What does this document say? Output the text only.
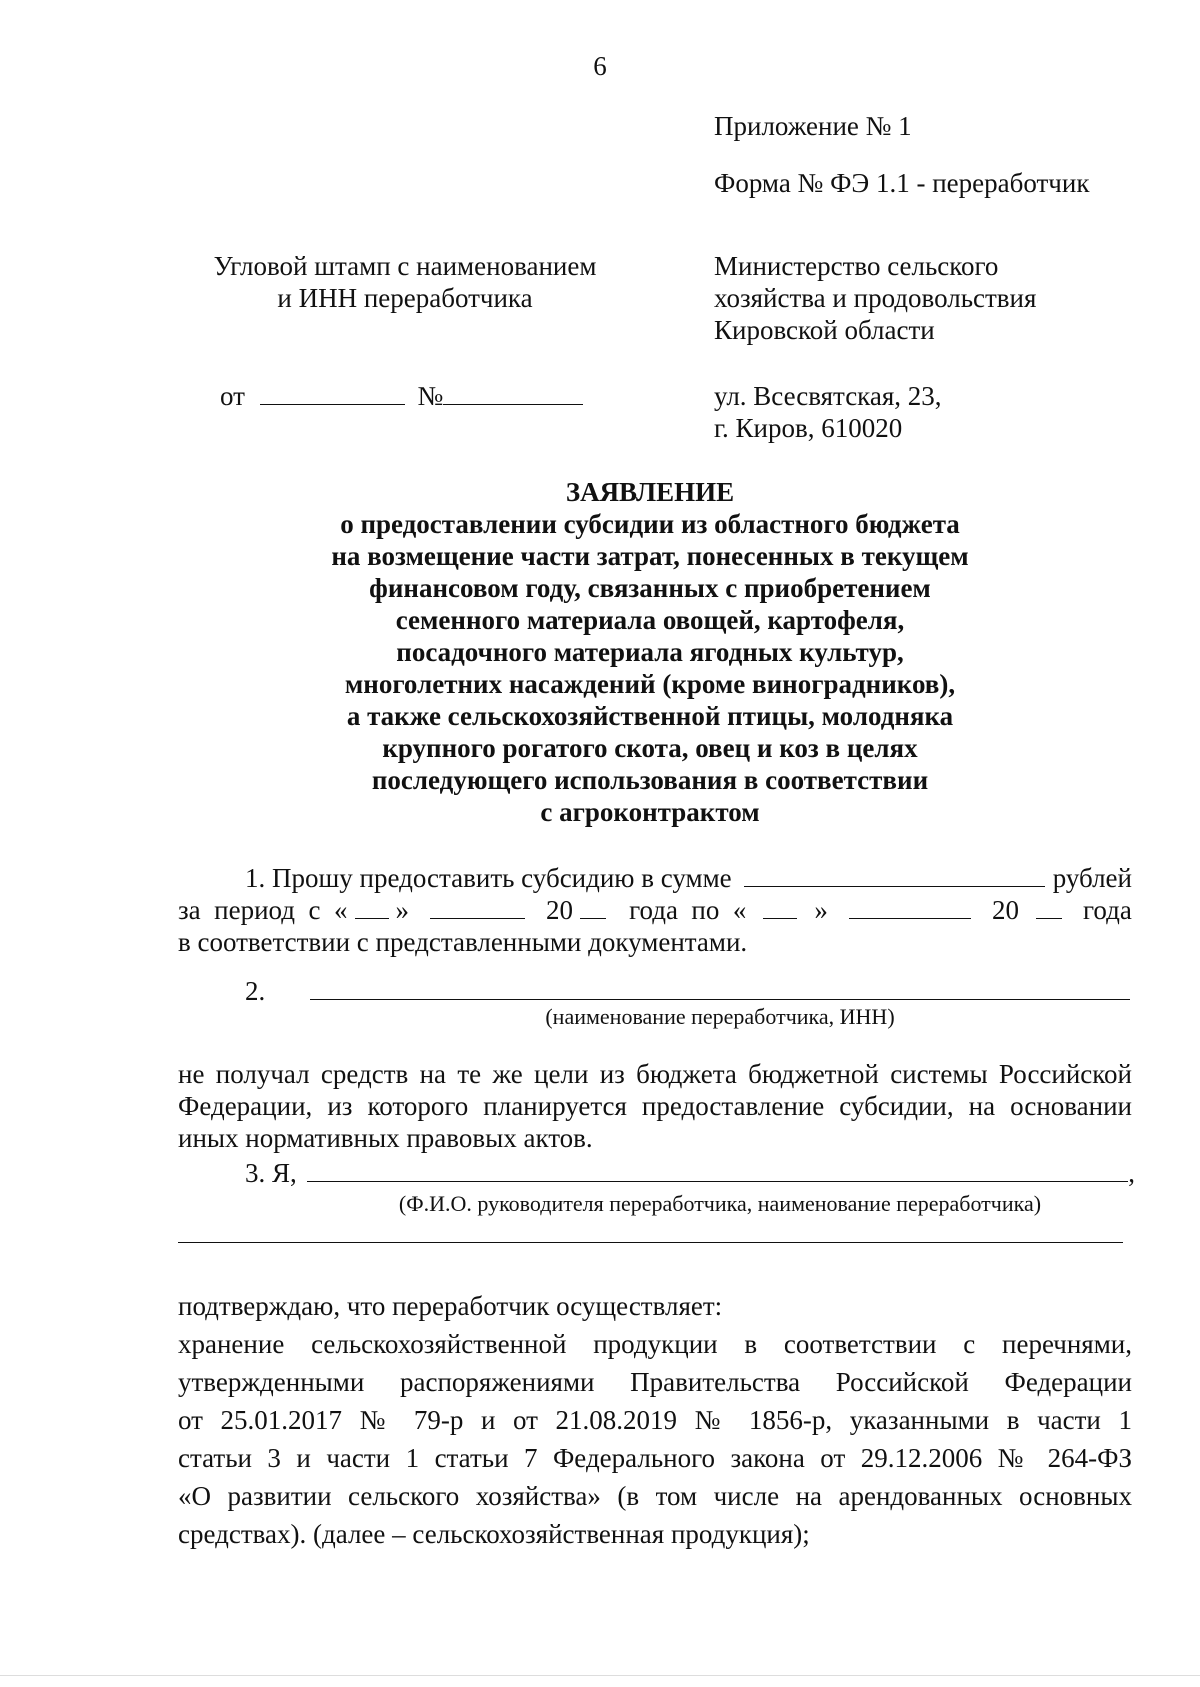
6
Приложение № 1
Форма № ФЭ 1.1 - переработчик
Угловой штамп с наименованием
и ИНН переработчика
Министерство сельского
хозяйства и продовольствия
Кировской области
от	№	ул. Всесвятская, 23,
г. Киров, 610020
ЗАЯВЛЕНИЕ
о предоставлении субсидии из областного бюджета
на возмещение части затрат, понесенных в текущем
финансовом году, связанных с приобретением
семенного материала овощей, картофеля,
посадочного материала ягодных культур,
многолетних насаждений (кроме виноградников),
а также сельскохозяйственной птицы, молодняка
крупного рогатого скота, овец и коз в целях
последующего использования в соответствии
с агроконтрактом
1. Прошу предоставить субсидию в сумме	рублей
за  период  с  « »	20 года  по  «	»	20 года
в соответствии с представленными документами.
2.
(наименование переработчика, ИНН)
не получал средств на те же цели из бюджета бюджетной системы Российской
Федерации, из которого планируется предоставление субсидии, на основании
иных нормативных правовых актов.
3. Я,	,
(Ф.И.О. руководителя переработчика, наименование переработчика)
подтверждаю, что переработчик осуществляет:
хранение сельскохозяйственной продукции в соответствии с перечнями,
утвержденными распоряжениями Правительства Российской Федерации
от 25.01.2017 № 79-р и от 21.08.2019 № 1856-р, указанными в части 1
статьи 3 и части 1 статьи 7 Федерального закона от 29.12.2006 № 264-ФЗ
«О развитии сельского хозяйства» (в том числе на арендованных основных
средствах). (далее – сельскохозяйственная продукция);
